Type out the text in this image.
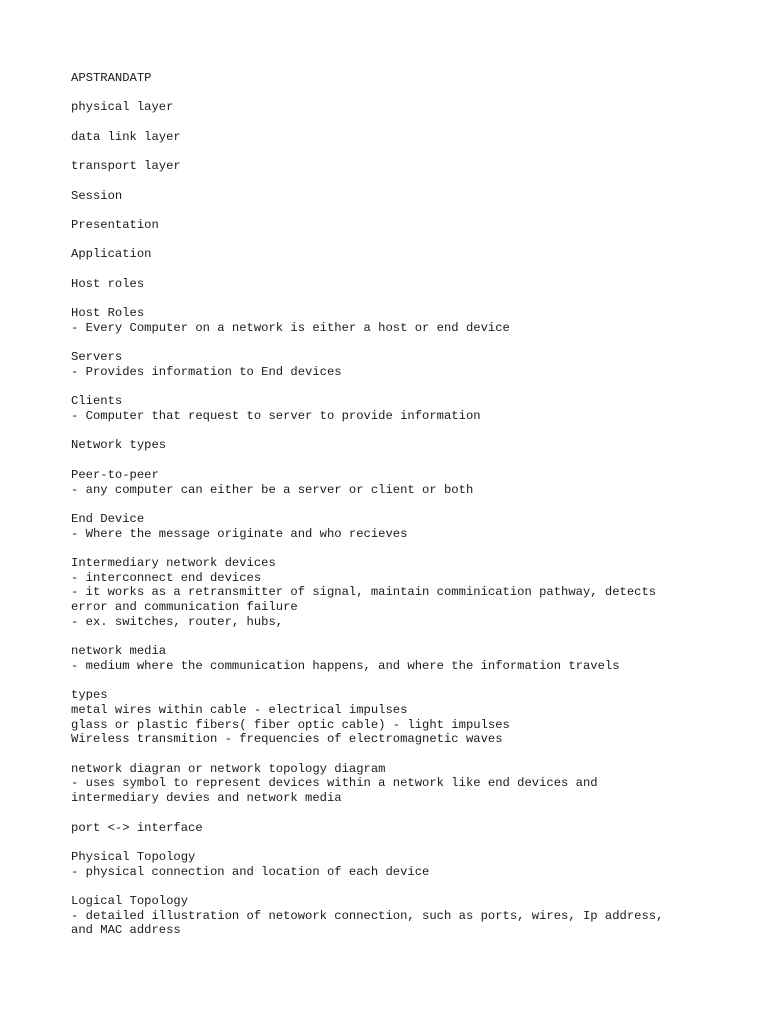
APSTRANDATP
physical layer
data link layer
transport layer
Session
Presentation
Application
Host roles
Host Roles
- Every Computer on a network is either a host or end device
Servers
- Provides information to End devices
Clients
- Computer that request to server to provide information
Network types
Peer-to-peer
- any computer can either be a server or client or both
End Device
- Where the message originate and who recieves
Intermediary network devices
- interconnect end devices
- it works as a retransmitter of signal, maintain comminication pathway, detects
error and communication failure
- ex. switches, router, hubs,
network media
- medium where the communication happens, and where the information travels
types
metal wires within cable - electrical impulses
glass or plastic fibers( fiber optic cable) - light impulses
Wireless transmition - frequencies of electromagnetic waves
network diagran or network topology diagram
- uses symbol to represent devices within a network like end devices and
intermediary devies and network media
port <-> interface
Physical Topology
- physical connection and location of each device
Logical Topology
- detailed illustration of netowork connection, such as ports, wires, Ip address,
and MAC address
